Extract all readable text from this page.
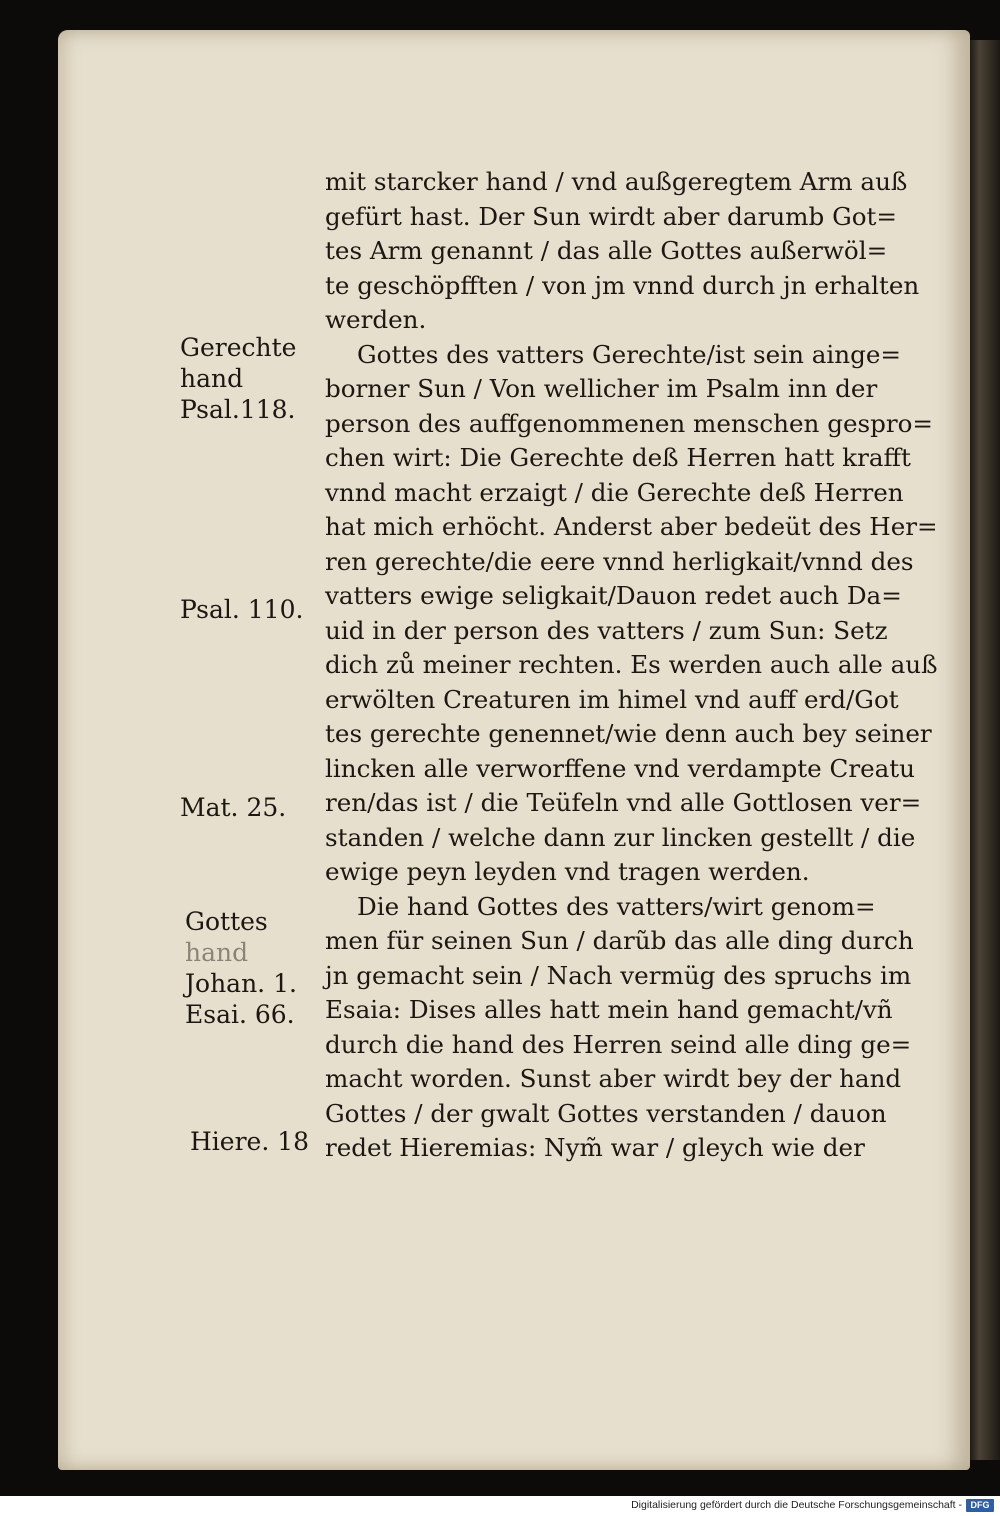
mit starcker hand / vnd außgeregtem Arm auß
gefürt hast. Der Sun wirdt aber darumb Got=
tes Arm genannt / das alle Gottes außerwöl=
te geschöpfften / von jm vnnd durch jn erhalten
werden.
Gottes des vatters Gerechte/ist sein ainge=
borner Sun / Von wellicher im Psalm inn der
person des auffgenommenen menschen gespro=
chen wirt: Die Gerechte deß Herren hatt krafft
vnnd macht erzaigt / die Gerechte deß Herren
hat mich erhöcht. Anderst aber bedeüt des Her=
ren gerechte/die eere vnnd herligkait/vnnd des
vatters ewige seligkait/Dauon redet auch Da=
uid in der person des vatters / zum Sun: Setz
dich zů meiner rechten. Es werden auch alle auß
erwölten Creaturen im himel vnd auff erd/Got
tes gerechte genennet/wie denn auch bey seiner
lincken alle verworffene vnd verdampte Creatu
ren/das ist / die Teüfeln vnd alle Gottlosen ver=
standen / welche dann zur lincken gestellt / die
ewige peyn leyden vnd tragen werden.
Die hand Gottes des vatters/wirt genom=
men für seinen Sun / darũb das alle ding durch
jn gemacht sein / Nach vermüg des spruchs im
Esaia: Dises alles hatt mein hand gemacht/vñ
durch die hand des Herren seind alle ding ge=
macht worden. Sunst aber wirdt bey der hand
Gottes / der gwalt Gottes verstanden / dauon
redet Hieremias: Nym̃ war / gleych wie der
Gerechte
hand
Psal.118.
Psal. 110.
Mat. 25.
Gottes
hand
Johan. 1.
Esai. 66.
Hiere. 18
Digitalisierung gefördert durch die Deutsche Forschungsgemeinschaft - DFG
